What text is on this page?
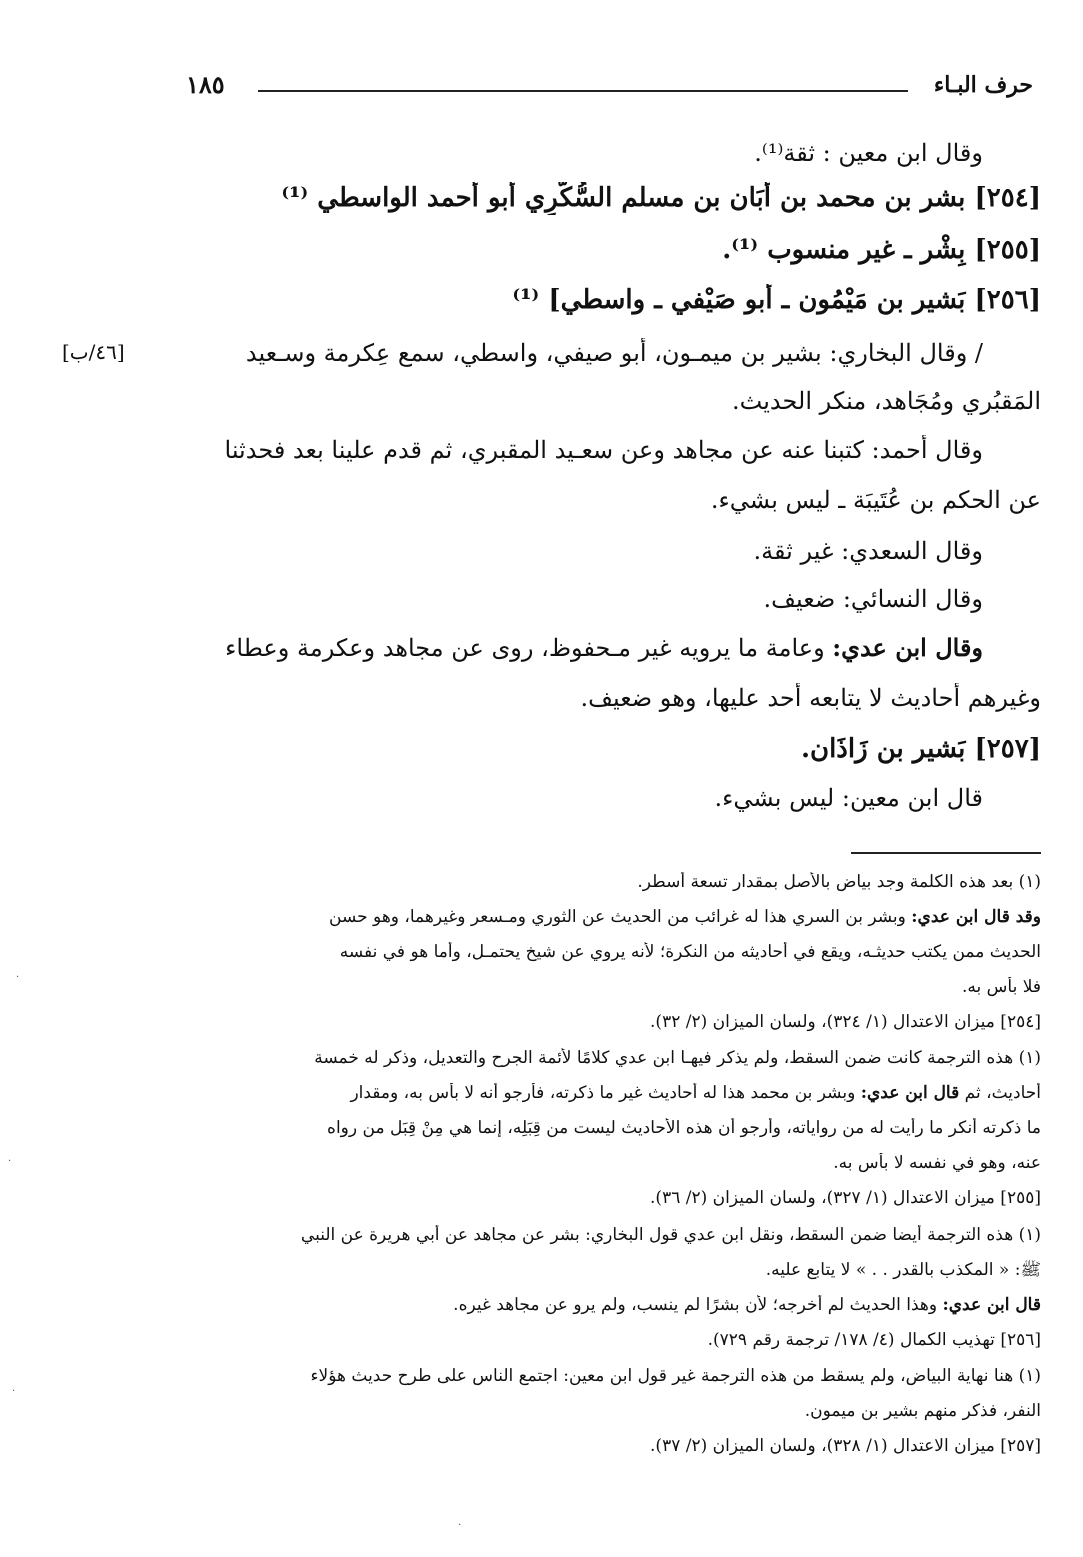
حرف البـاء
١٨٥
وقال ابن معين : ثقة⁽¹⁾.
[٢٥٤] بشر بن محمد بن أبَان بن مسلم السُّكَّرِي أبو أحمد الواسطي ⁽¹⁾
[٢٥٥] بِشْر ـ غير منسوب ⁽¹⁾.
[٢٥٦] بَشير بن مَيْمُون ـ أبو صَيْفي ـ واسطي] ⁽¹⁾
[٤٦/ب]	/ وقال البخاري: بشير بن ميمـون، أبو صيفي، واسطي، سمع عِكرمة وسـعيد
المَقبُري ومُجَاهد، منكر الحديث.
وقال أحمد: كتبنا عنه عن مجاهد وعن سعـيد المقبري، ثم قدم علينا بعد فحدثنا
عن الحكم بن عُتَيبَة ـ ليس بشيء.
وقال السعدي: غير ثقة.
وقال النسائي: ضعيف.
وقال ابن عدي: وعامة ما يرويه غير مـحفوظ، روى عن مجاهد وعكرمة وعطاء
وغيرهم أحاديث لا يتابعه أحد عليها، وهو ضعيف.
[٢٥٧] بَشير بن زَاذَان.
قال ابن معين: ليس بشيء.
(١) بعد هذه الكلمة وجد بياض بالأصل بمقدار تسعة أسطر.
وقد قال ابن عدي: وبشر بن السري هذا له غرائب من الحديث عن الثوري ومـسعر وغيرهما، وهو حسن
الحديث ممن يكتب حديثـه، ويقع في أحاديثه من النكرة؛ لأنه يروي عن شيخ يحتمـل، وأما هو في نفسه
فلا بأس به.
[٢٥٤] ميزان الاعتدال (١/ ٣٢٤)، ولسان الميزان (٢/ ٣٢).
(١) هذه الترجمة كانت ضمن السقط، ولم يذكر فيهـا ابن عدي كلامًا لأئمة الجرح والتعديل، وذكر له خمسة
أحاديث، ثم قال ابن عدي: وبشر بن محمد هذا له أحاديث غير ما ذكرته، فأرجو أنه لا بأس به، ومقدار
ما ذكرته أنكر ما رأيت له من رواياته، وأرجو أن هذه الأحاديث ليست من قِبَلِه، إنما هي مِنْ قِبَل من رواه
عنه، وهو في نفسه لا بأس به.
[٢٥٥] ميزان الاعتدال (١/ ٣٢٧)، ولسان الميزان (٢/ ٣٦).
(١) هذه الترجمة أيضا ضمن السقط، ونقل ابن عدي قول البخاري: بشر عن مجاهد عن أبي هريرة عن النبي
ﷺ: « المكذب بالقدر . . » لا يتابع عليه.
قال ابن عدي: وهذا الحديث لم أخرجه؛ لأن بشرًا لم ينسب، ولم يرو عن مجاهد غيره.
[٢٥٦] تهذيب الكمال (٤/ ١٧٨/ ترجمة رقم ٧٢٩).
(١) هنا نهاية البياض، ولم يسقط من هذه الترجمة غير قول ابن معين: اجتمع الناس على طرح حديث هؤلاء
النفر، فذكر منهم بشير بن ميمون.
[٢٥٧] ميزان الاعتدال (١/ ٣٢٨)، ولسان الميزان (٢/ ٣٧).
·
·
·
·
